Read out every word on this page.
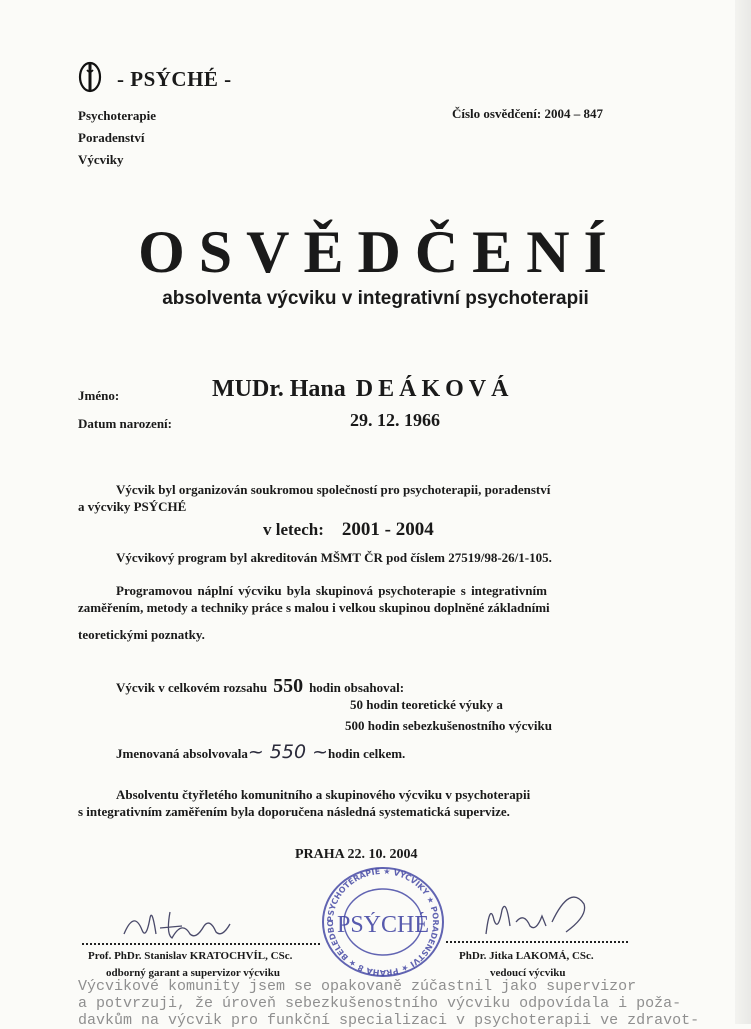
- PSÝCHÉ -
Psychoterapie
Poradenství
Výcviky
Číslo osvědčení: 2004 – 847
OSVĚDČENÍ
absolventa výcviku v integrativní psychoterapii
Jméno:	MUDr. Hana DEÁKOVÁ
Datum narození:	29. 12. 1966
Výcvik byl organizován soukromou společností pro psychoterapii, poradenství
a výcviky PSÝCHÉ
v letech: 2001 - 2004
Výcvikový program byl akreditován MŠMT ČR pod číslem 27519/98-26/1-105.
Programovou náplní výcviku byla skupinová psychoterapie s integrativním
zaměřením, metody a techniky práce s malou i velkou skupinou doplněné základními
teoretickými poznatky.
Výcvik v celkovém rozsahu 550 hodin obsahoval:
50 hodin teoretické výuky a
500 hodin sebezkušenostního výcviku
Jmenovaná absolvovala~ 550 ~hodin celkem.
Absolventu čtyřletého komunitního a skupinového výcviku v psychoterapii
s integrativním zaměřením byla doporučena následná systematická supervize.
PRAHA 22. 10. 2004
Prof. PhDr. Stanislav KRATOCHVÍL, CSc.
odborný garant a supervizor výcviku
PhDr. Jitka LAKOMÁ, CSc.
vedoucí výcviku
PSYCHOTERAPIE ★ VÝCVIKY ★ PORADENSTVÍ ★ PRAHA 8 ★ BELEDBO PSÝCHÉ
Výcvikové komunity jsem se opakovaně zúčastnil jako supervizor
a potvrzuji, že úroveň sebezkušenostního výcviku odpovídala i poža-
davkům na výcvik pro funkční specializaci v psychoterapii ve zdravot-
